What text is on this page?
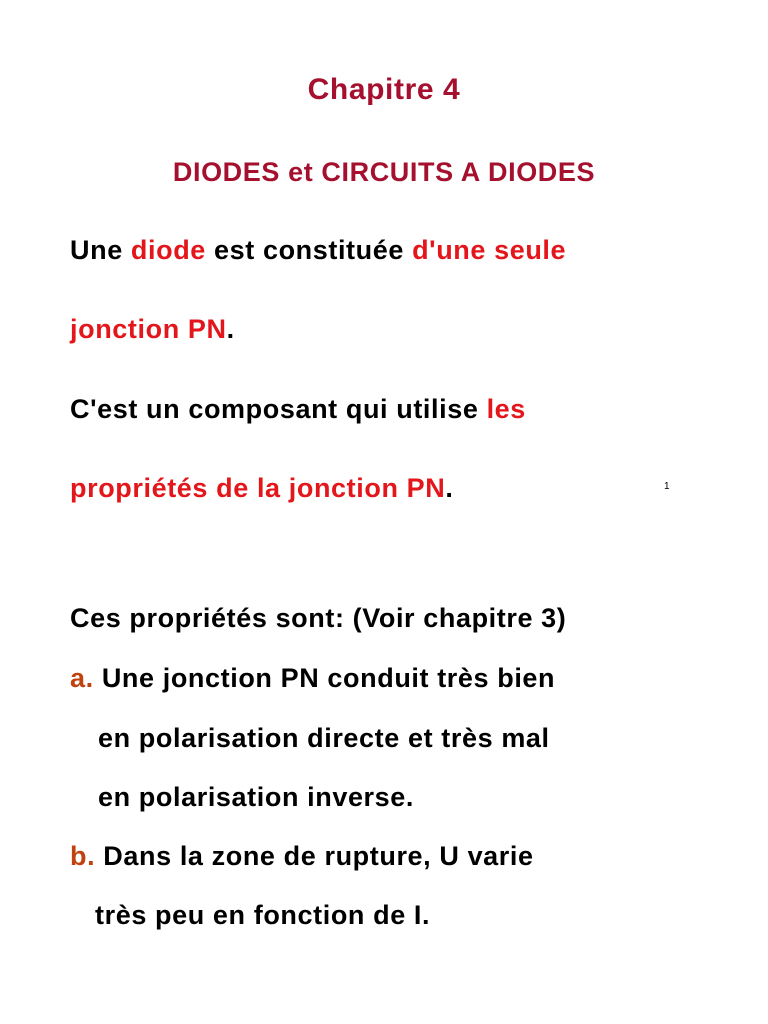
Chapitre 4
DIODES et CIRCUITS A DIODES
Une diode est constituée d'une seule
jonction PN.
C'est un composant qui utilise les
propriétés de la jonction PN.	1
Ces propriétés sont: (Voir chapitre 3)
a. Une jonction PN conduit très bien
en polarisation directe et très mal
en polarisation inverse.
b. Dans la zone de rupture, U varie
très peu en fonction de I.
